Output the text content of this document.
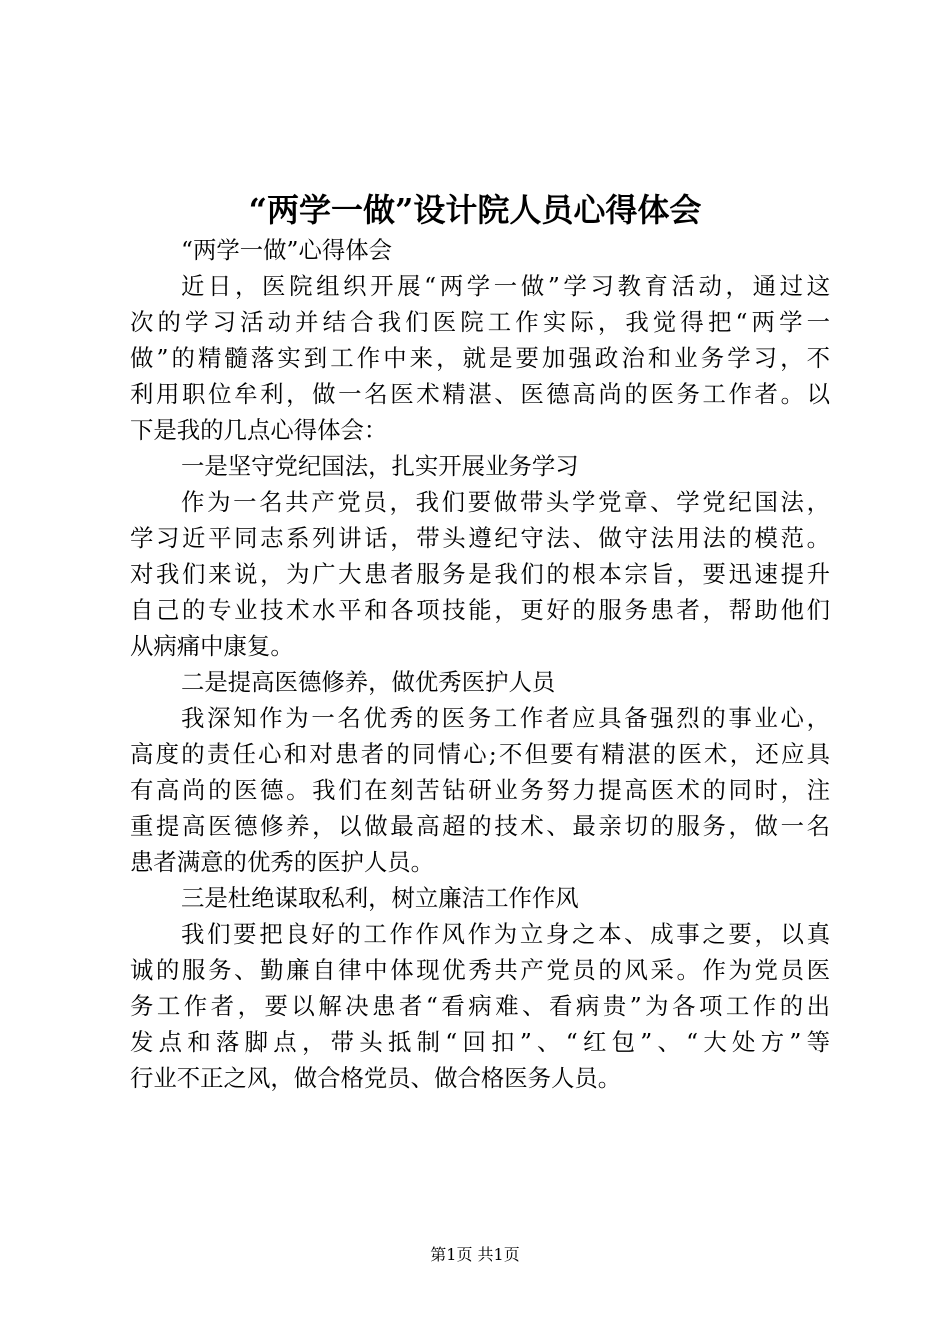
“两学一做”设计院人员心得体会
“两学一做”心得体会
近日，医院组织开展“两学一做”学习教育活动，通过这
次的学习活动并结合我们医院工作实际，我觉得把“两学一
做”的精髓落实到工作中来，就是要加强政治和业务学习，不
利用职位牟利，做一名医术精湛、医德高尚的医务工作者。以
下是我的几点心得体会：
一是坚守党纪国法，扎实开展业务学习
作为一名共产党员，我们要做带头学党章、学党纪国法，
学习近平同志系列讲话，带头遵纪守法、做守法用法的模范。
对我们来说，为广大患者服务是我们的根本宗旨，要迅速提升
自己的专业技术水平和各项技能，更好的服务患者，帮助他们
从病痛中康复。
二是提高医德修养，做优秀医护人员
我深知作为一名优秀的医务工作者应具备强烈的事业心，
高度的责任心和对患者的同情心;不但要有精湛的医术，还应具
有高尚的医德。我们在刻苦钻研业务努力提高医术的同时，注
重提高医德修养，以做最高超的技术、最亲切的服务，做一名
患者满意的优秀的医护人员。
三是杜绝谋取私利，树立廉洁工作作风
我们要把良好的工作作风作为立身之本、成事之要，以真
诚的服务、勤廉自律中体现优秀共产党员的风采。作为党员医
务工作者，要以解决患者“看病难、看病贵”为各项工作的出
发点和落脚点，带头抵制“回扣”、“红包”、“大处方”等
行业不正之风，做合格党员、做合格医务人员。
第1页 共1页
